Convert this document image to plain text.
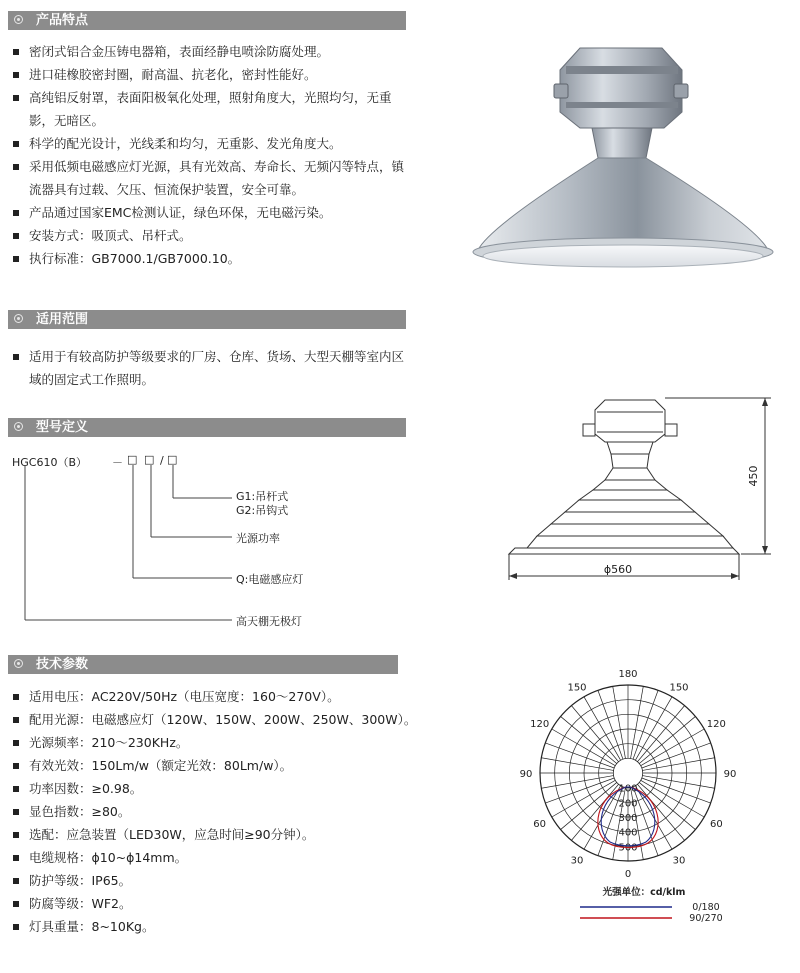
产品特点
密闭式铝合金压铸电器箱，表面经静电喷涂防腐处理。
进口硅橡胶密封圈，耐高温、抗老化，密封性能好。
高纯铝反射罩，表面阳极氧化处理，照射角度大，光照均匀，无重影，无暗区。
科学的配光设计，光线柔和均匀，无重影、发光角度大。
采用低频电磁感应灯光源，具有光效高、寿命长、无频闪等特点，镇流器具有过载、欠压、恒流保护装置，安全可靠。
产品通过国家EMC检测认证，绿色环保，无电磁污染。
安装方式：吸顶式、吊杆式。
执行标准：GB7000.1/GB7000.10。
适用范围
适用于有较高防护等级要求的厂房、仓库、货场、大型天棚等室内区域的固定式工作照明。
型号定义
HGC610（B） － □ □ / □
G1:吊杆式
G2:吊钩式
光源功率
Q:电磁感应灯
高天棚无极灯
ϕ560
450
技术参数
适用电压：AC220V/50Hz（电压宽度：160～270V）。
配用光源：电磁感应灯（120W、150W、200W、250W、300W）。
光源频率：210～230KHz。
有效光效：150Lm/w（额定光效：80Lm/w）。
功率因数：≥0.98。
显色指数：≥80。
选配：应急装置（LED30W，应急时间≥90分钟）。
电缆规格：ϕ10~ϕ14mm。
防护等级：IP65。
防腐等级：WF2。
灯具重量：8~10Kg。
180
150	150
120	120
90	90
60	60
30	30
0
100
200
300
400
500
光强单位：cd/klm
0/180
90/270
